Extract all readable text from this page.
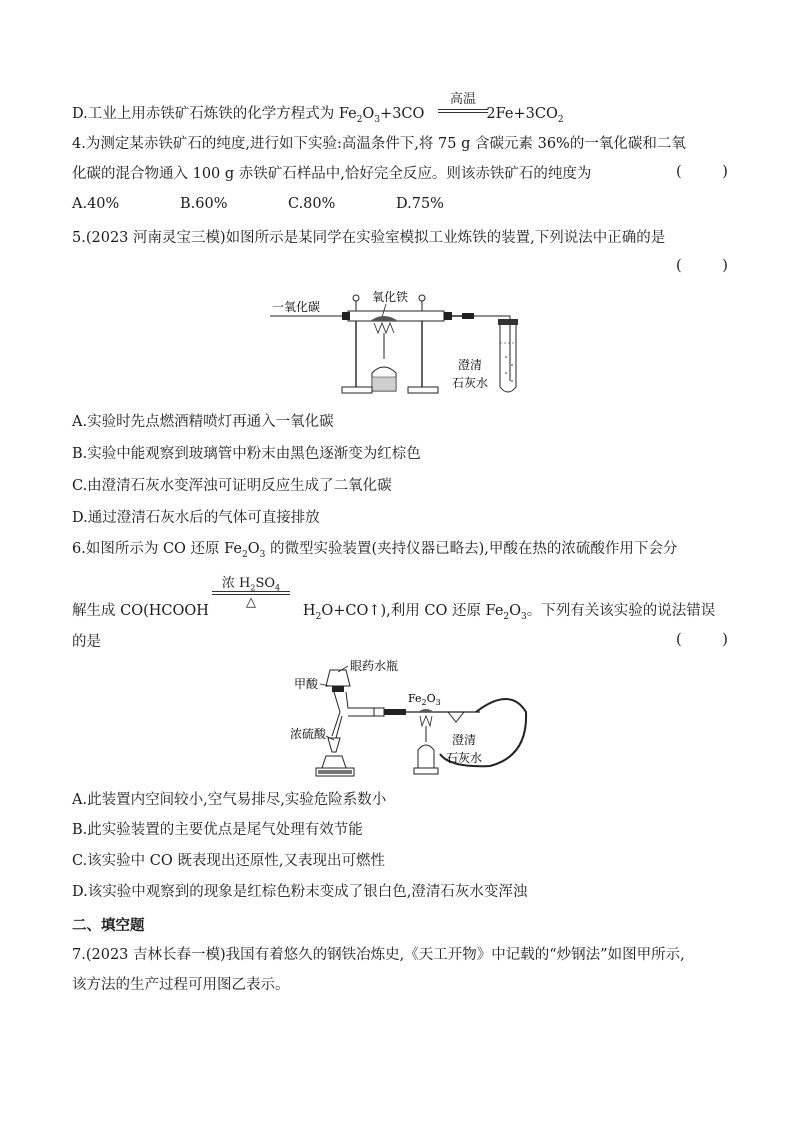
高温
D.工业上用赤铁矿石炼铁的化学方程式为 $Fe_2O_3+3CO$	$2Fe+3CO_2$
4.为测定某赤铁矿石的纯度,进行如下实验:高温条件下,将 75 g 含碳元素 36%的一氧化碳和二氧
化碳的混合物通入 100 g 赤铁矿石样品中,恰好完全反应。则该赤铁矿石的纯度为	( )
A.40%	B.60%	C.80%	D.75%
5.(2023 河南灵宝三模)如图所示是某同学在实验室模拟工业炼铁的装置,下列说法中正确的是
( )
一氧化碳
氧化铁
澄清
石灰水
A.实验时先点燃酒精喷灯再通入一氧化碳
B.实验中能观察到玻璃管中粉末由黑色逐渐变为红棕色
C.由澄清石灰水变浑浊可证明反应生成了二氧化碳
D.通过澄清石灰水后的气体可直接排放
6.如图所示为 CO 还原 $Fe_2O_3$ 的微型实验装置(夹持仪器已略去),甲酸在热的浓硫酸作用下会分
浓 $H_2SO_4$
△
解生成 CO(HCOOH	$H_2O+CO↑$),利用 CO 还原 $Fe_2O_3$。下列有关该实验的说法错误
的是	( )
眼药水瓶
甲酸
浓硫酸
$Fe_2O_3$
澄清
石灰水
A.此装置内空间较小,空气易排尽,实验危险系数小
B.此实验装置的主要优点是尾气处理有效节能
C.该实验中 CO 既表现出还原性,又表现出可燃性
D.该实验中观察到的现象是红棕色粉末变成了银白色,澄清石灰水变浑浊
二、填空题
7.(2023 吉林长春一模)我国有着悠久的钢铁冶炼史,《天工开物》中记载的“炒钢法”如图甲所示,
该方法的生产过程可用图乙表示。
